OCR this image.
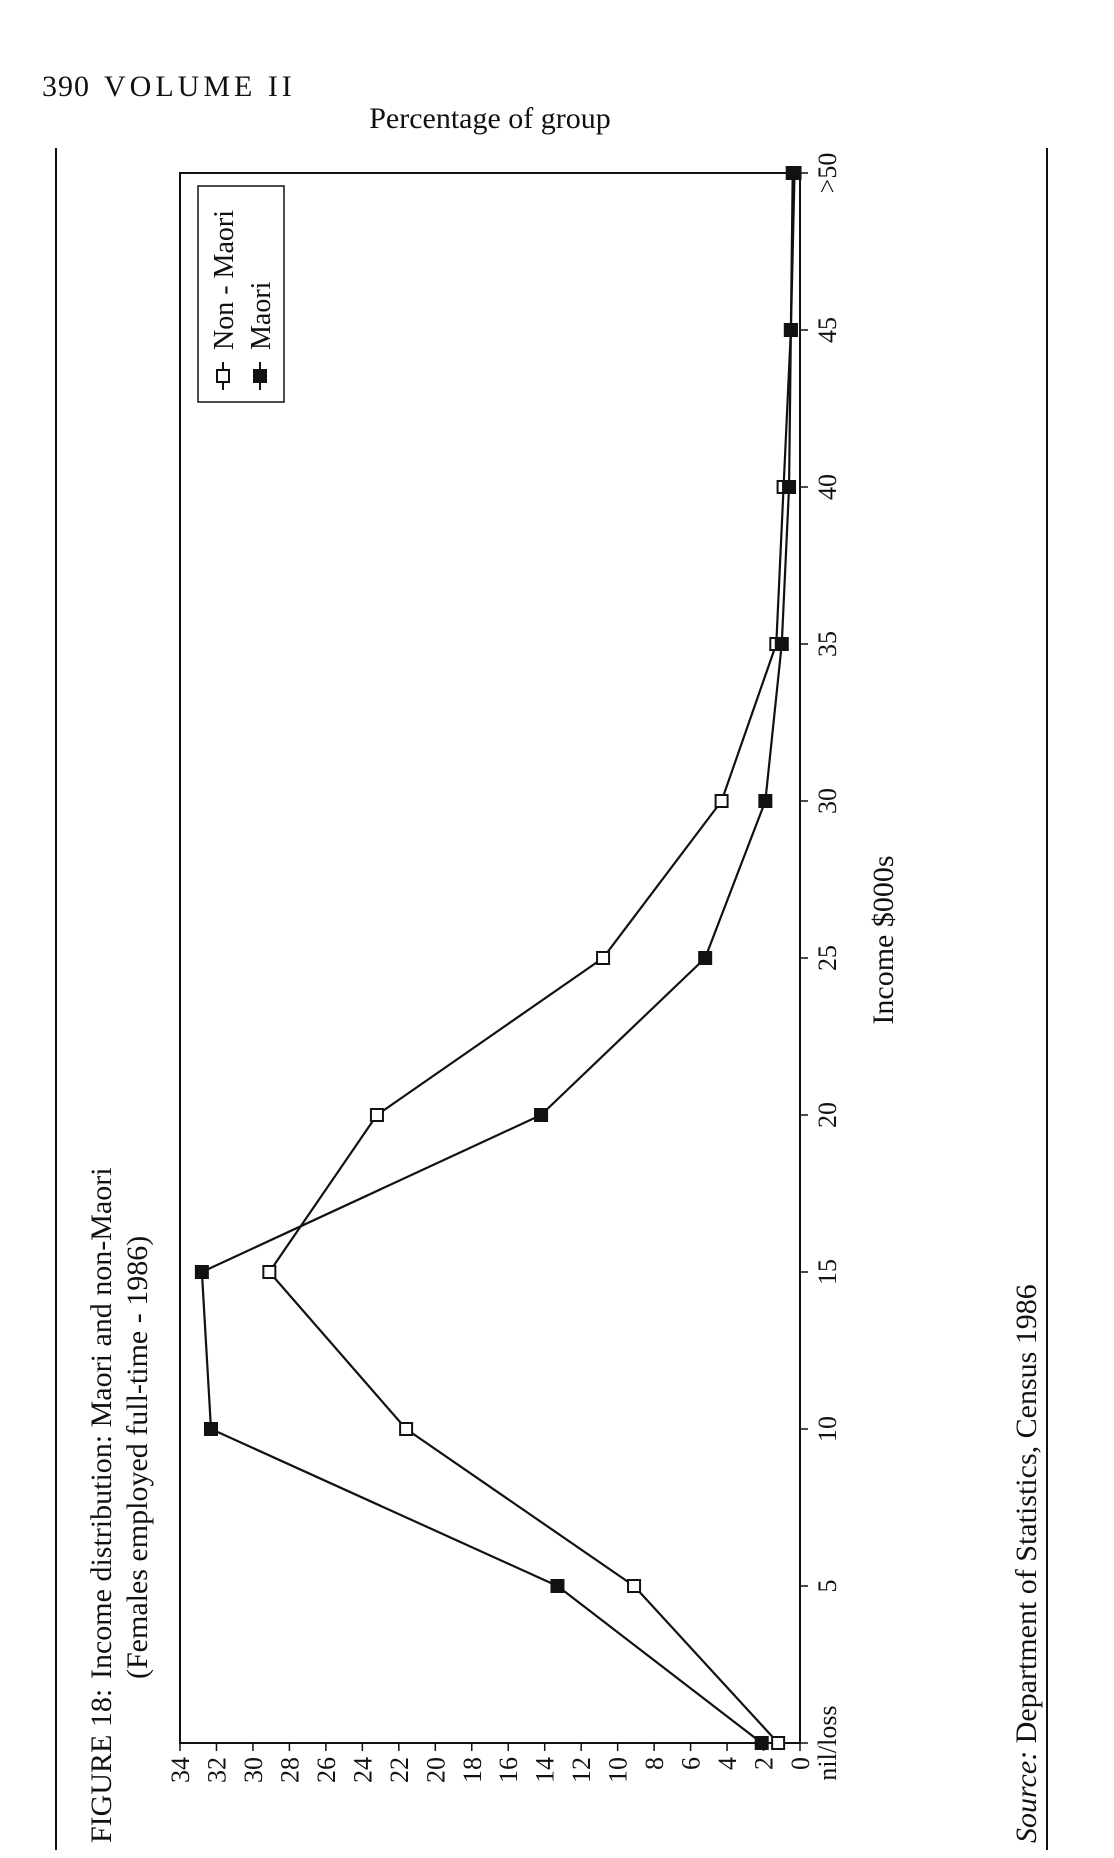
390 VOLUME II
FIGURE 18:Income distribution: Maori and non-Maori (Females employed full-time - 1986)
0
2
4
6
8
10
12
14
16
18
20
22
24
26
28
30
32
34	nil/loss
5
10
15
20
25
30
35
40
45
>50
Income $000s
Percentage of group
Non - Maori Maori
Source: Department of Statistics, Census 1986
